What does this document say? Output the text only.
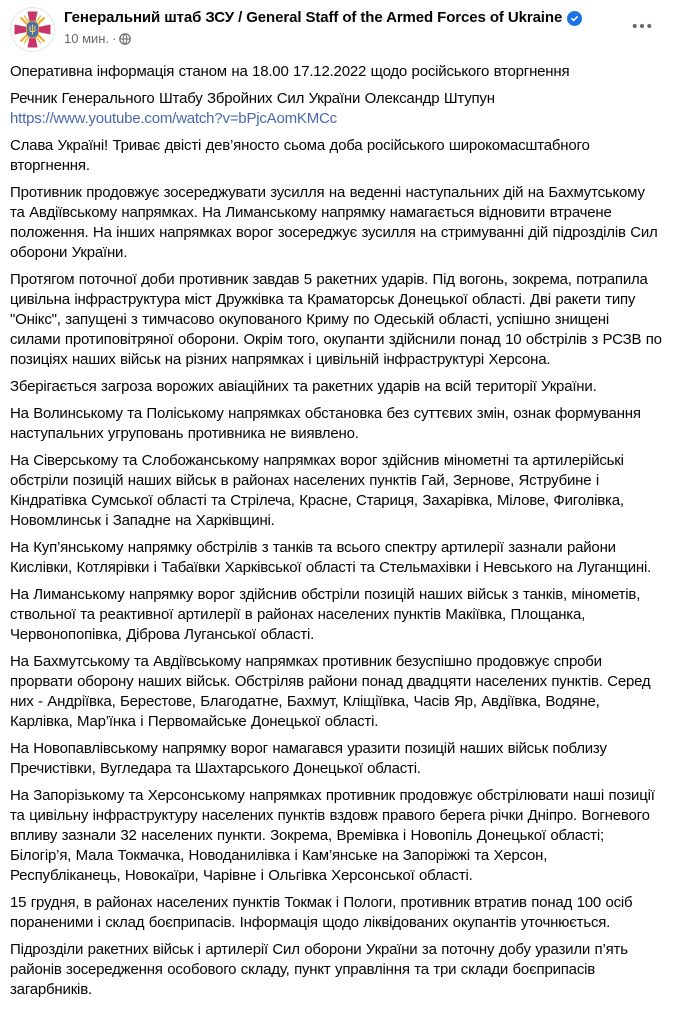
Генеральний штаб ЗСУ / General Staff of the Armed Forces of Ukraine
10 мин. ·

Оперативна інформація станом на 18.00 17.12.2022 щодо російського вторгнення

Речник Генерального Штабу Збройних Сил України Олександр Штупун
https://www.youtube.com/watch?v=bPjcAomKMCc

Слава Україні! Триває двісті дев’яносто сьома доба російського широкомасштабного вторгнення.

Противник продовжує зосереджувати зусилля на веденні наступальних дій на Бахмутському та Авдіївському напрямках. На Лиманському напрямку намагається відновити втрачене положення. На інших напрямках ворог зосереджує зусилля на стримуванні дій підрозділів Сил оборони України.

Протягом поточної доби противник завдав 5 ракетних ударів. Під вогонь, зокрема, потрапила цивільна інфраструктура міст Дружківка та Краматорськ Донецької області. Дві ракети типу "Онікс", запущені з тимчасово окупованого Криму по Одеській області, успішно знищені силами протиповітряної оборони. Окрім того, окупанти здійснили понад 10 обстрілів з РСЗВ по позиціях наших військ на різних напрямках і цивільній інфраструктурі Херсона.

Зберігається загроза ворожих авіаційних та ракетних ударів на всій території України.

На Волинському та Поліському напрямках обстановка без суттєвих змін, ознак формування наступальних угруповань противника не виявлено.

На Сіверському та Слобожанському напрямках ворог здійснив мінометні та артилерійські обстріли позицій наших військ в районах населених пунктів Гай, Зернове, Яструбине і Кіндратівка Сумської області та Стрілеча, Красне, Стариця, Захарівка, Мілове, Фиголівка, Новомлинськ і Западне на Харківщині.

На Куп’янському напрямку обстрілів з танків та всього спектру артилерії зазнали райони Кислівки, Котлярівки і Табаївки Харківської області та Стельмахівки і Невського на Луганщині.

На Лиманському напрямку ворог здійснив обстріли позицій наших військ з танків, мінометів, ствольної та реактивної артилерії в районах населених пунктів Макіївка, Площанка, Червонопопівка, Діброва Луганської області.

На Бахмутському та Авдіївському напрямках противник безуспішно продовжує спроби прорвати оборону наших військ. Обстріляв райони понад двадцяти населених пунктів. Серед них - Андріївка, Берестове, Благодатне, Бахмут, Кліщіївка, Часів Яр, Авдіївка, Водяне, Карлівка, Мар’їнка і Первомайське Донецької області.

На Новопавлівському напрямку ворог намагався уразити позицій наших військ поблизу Пречистівки, Вугледара та Шахтарського Донецької області.

На Запорізькому та Херсонському напрямках противник продовжує обстрілювати наші позиції та цивільну інфраструктуру населених пунктів вздовж правого берега річки Дніпро. Вогневого впливу зазнали 32 населених пункти. Зокрема, Времівка і Новопіль Донецької області; Білогір’я, Мала Токмачка, Новоданилівка і Кам’янське на Запоріжжі та Херсон, Республіканець, Новокаїри, Чарівне і Ольгівка Херсонської області.

15 грудня, в районах населених пунктів Токмак і Пологи, противник втратив понад 100 осіб пораненими і склад боєприпасів. Інформація щодо ліквідованих окупантів уточнюється.

Підрозділи ракетних військ і артилерії Сил оборони України за поточну добу уразили п’ять районів зосередження особового складу, пункт управління та три склади боєприпасів загарбників.
